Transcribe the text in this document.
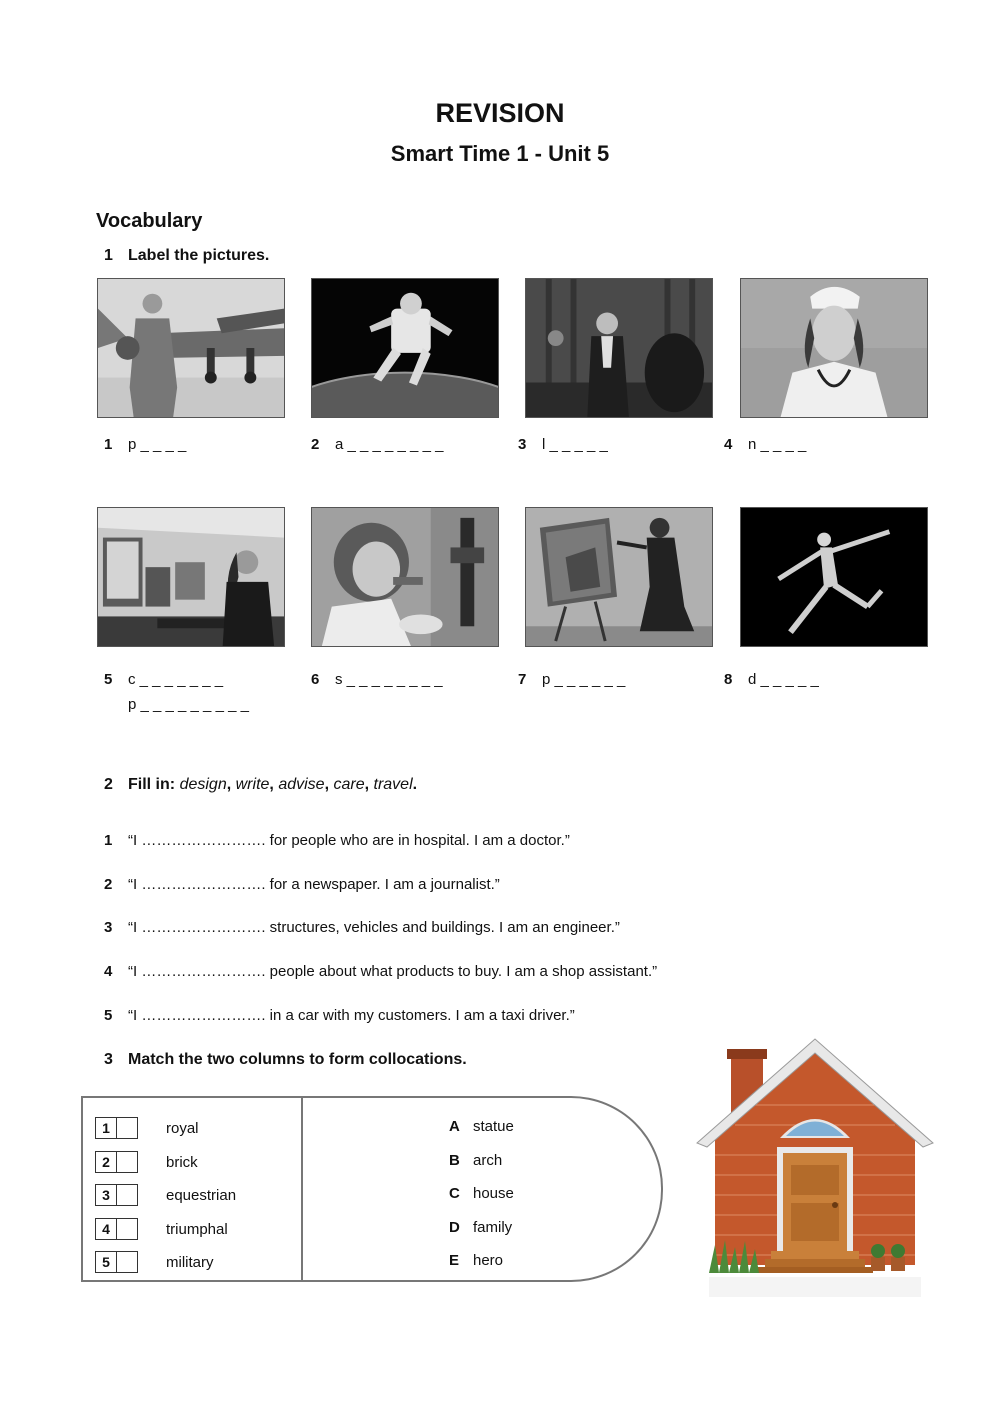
REVISION
Smart Time 1 - Unit 5
Vocabulary
1 Label the pictures.
1 p _ _ _ _	2 a _ _ _ _ _ _ _ _	3 l _ _ _ _ _	4 n _ _ _ _
5 c _ _ _ _ _ _ _
p _ _ _ _ _ _ _ _ _
6 s _ _ _ _ _ _ _ _	7 p _ _ _ _ _ _	8 d _ _ _ _ _
2 Fill in: design, write, advise, care, travel.
1 “I ……………………. for people who are in hospital. I am a doctor.”
2 “I ……………………. for a newspaper. I am a journalist.”
3 “I ……………………. structures, vehicles and buildings. I am an engineer.”
4 “I ……………………. people about what products to buy. I am a shop assistant.”
5 “I ……………………. in a car with my customers. I am a taxi driver.”
3 Match the two columns to form collocations.
1	royal
2	brick
3	equestrian
4	triumphal
5	military
A statue
B arch
C house
D family
E hero
